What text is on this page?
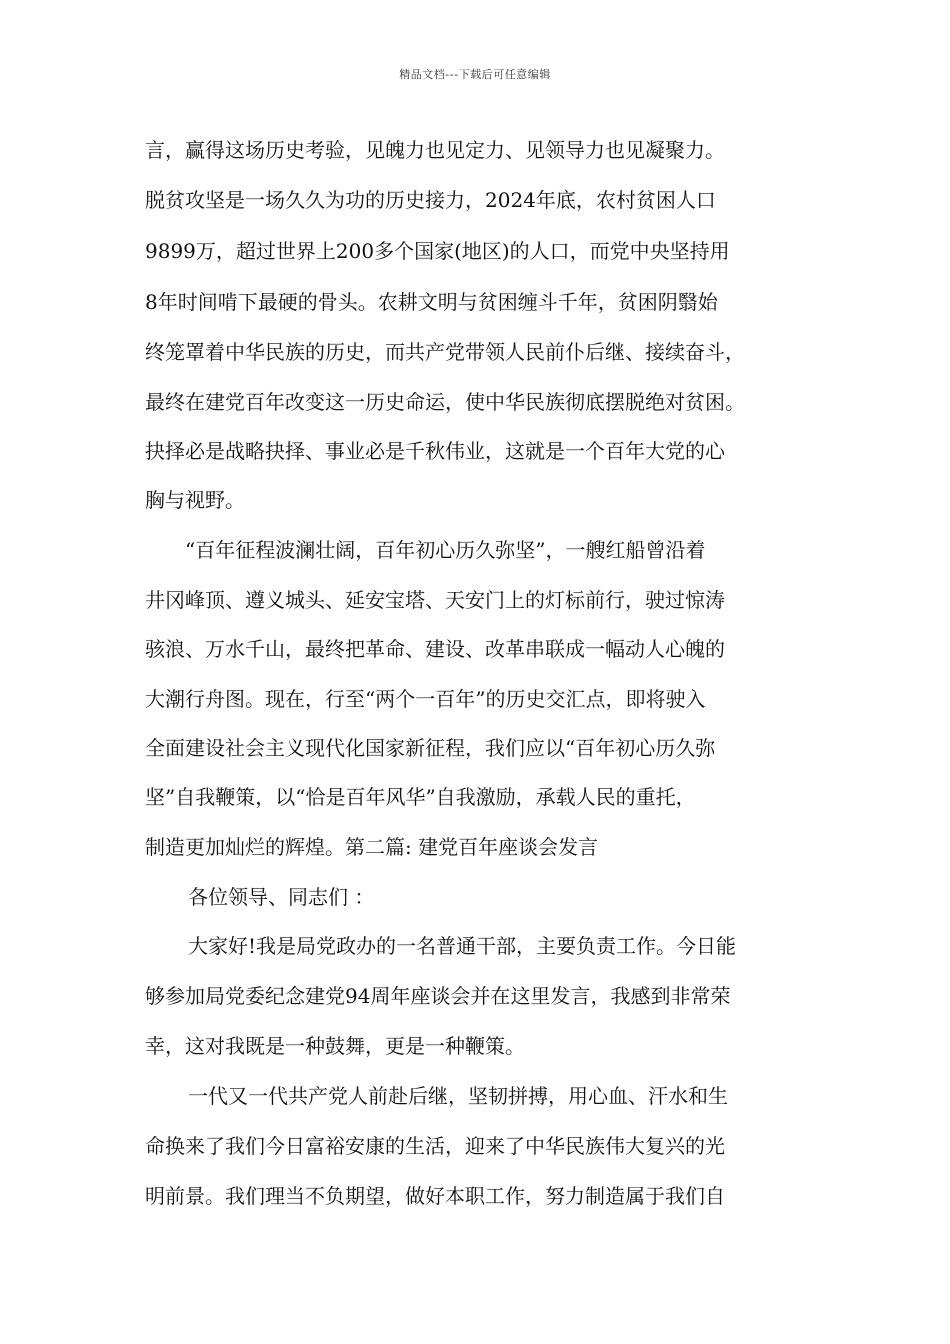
精品文档---下载后可任意编辑
言，赢得这场历史考验，见魄力也见定力、见领导力也见凝聚力。
脱贫攻坚是一场久久为功的历史接力，2024年底，农村贫困人口
9899万，超过世界上200多个国家(地区)的人口，而党中央坚持用
8年时间啃下最硬的骨头。农耕文明与贫困缠斗千年，贫困阴翳始
终笼罩着中华民族的历史，而共产党带领人民前仆后继、接续奋斗，
最终在建党百年改变这一历史命运，使中华民族彻底摆脱绝对贫困。
抉择必是战略抉择、事业必是千秋伟业，这就是一个百年大党的心
胸与视野。
“百年征程波澜壮阔，百年初心历久弥坚”，一艘红船曾沿着
井冈峰顶、遵义城头、延安宝塔、天安门上的灯标前行，驶过惊涛
骇浪、万水千山，最终把革命、建设、改革串联成一幅动人心魄的
大潮行舟图。现在，行至“两个一百年”的历史交汇点，即将驶入
全面建设社会主义现代化国家新征程，我们应以“百年初心历久弥
坚”自我鞭策，以“恰是百年风华”自我激励，承载人民的重托，
制造更加灿烂的辉煌。第二篇: 建党百年座谈会发言
各位领导、同志们 ：
大家好!我是局党政办的一名普通干部，主要负责工作。今日能
够参加局党委纪念建党94周年座谈会并在这里发言，我感到非常荣
幸，这对我既是一种鼓舞，更是一种鞭策。
一代又一代共产党人前赴后继，坚韧拼搏，用心血、汗水和生
命换来了我们今日富裕安康的生活，迎来了中华民族伟大复兴的光
明前景。我们理当不负期望，做好本职工作，努力制造属于我们自
